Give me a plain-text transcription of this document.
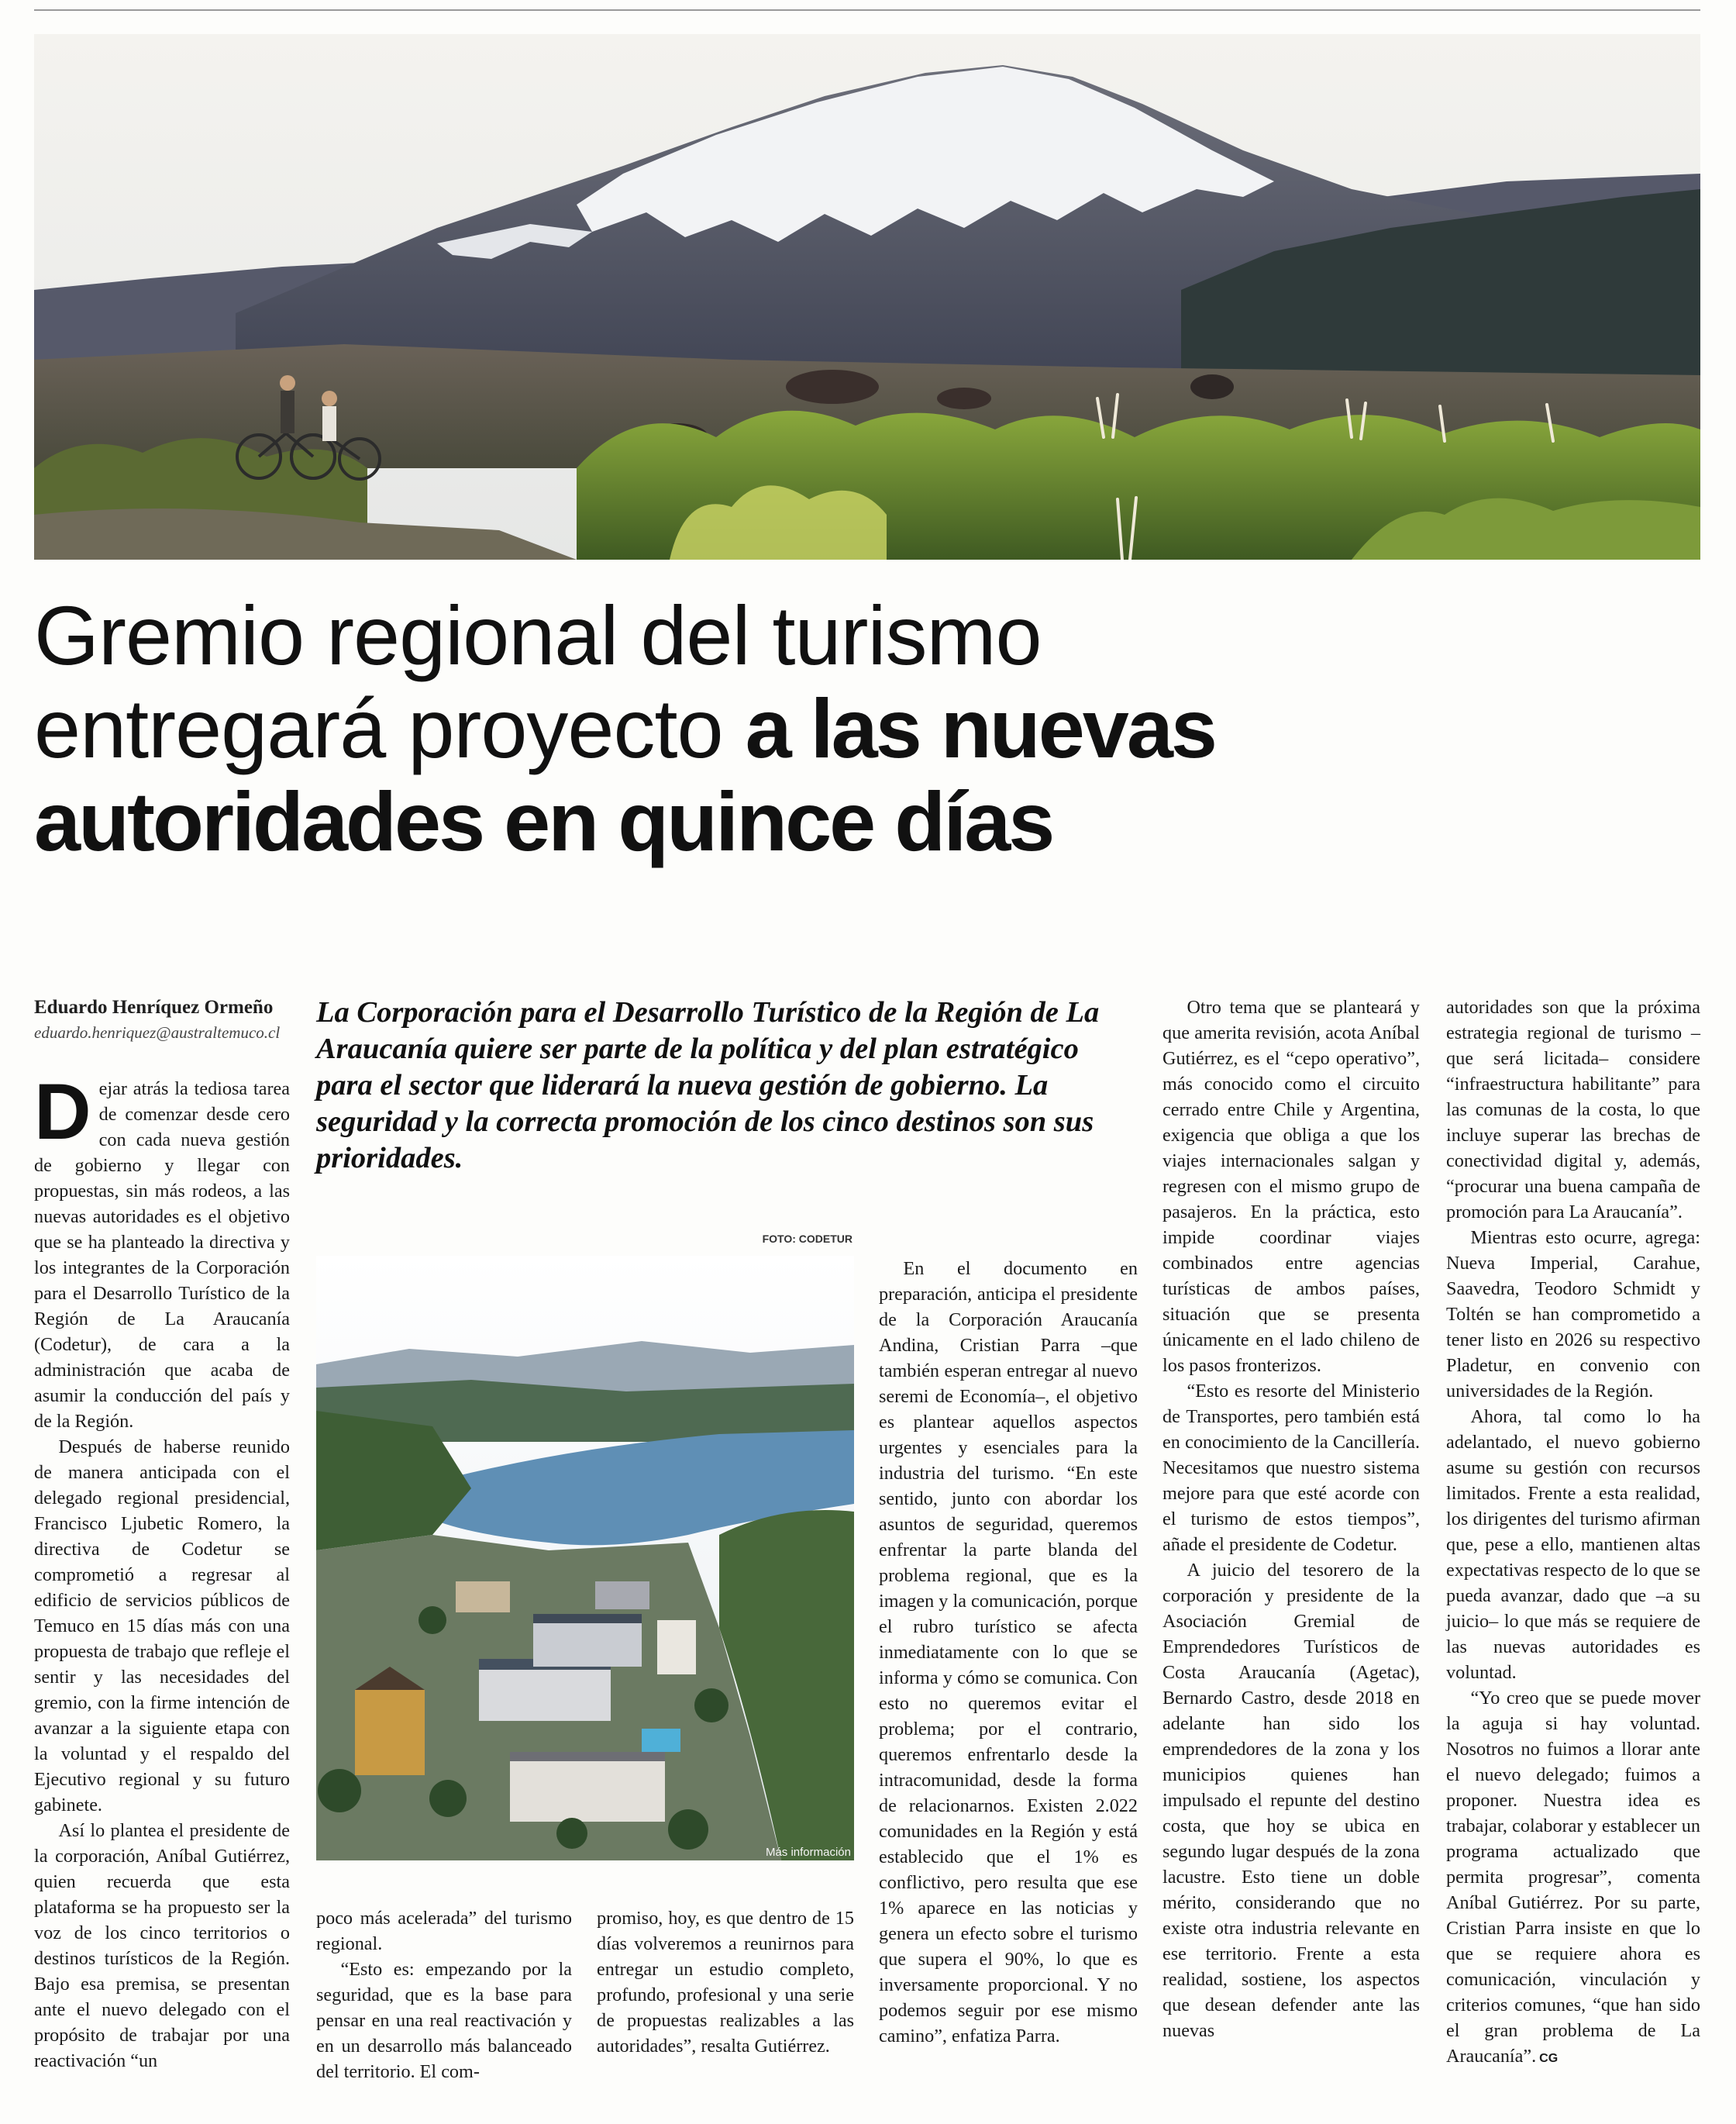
Gremio regional del turismo
entregará proyecto a las nuevas
autoridades en quince días
Eduardo Henríquez Ormeño
eduardo.henriquez@australtemuco.cl
La Corporación para el Desarrollo Turístico de la Región de La Araucanía quiere ser parte de la política y del plan estratégico para el sector que liderará la nueva gestión de gobierno. La seguridad y la correcta promoción de los cinco destinos son sus prioridades.
FOTO: CODETUR
Más información

Dejar atrás la tediosa tarea de comenzar desde cero con cada nueva gestión de gobierno y llegar con propuestas, sin más rodeos, a las nuevas autoridades es el objetivo que se ha planteado la directiva y los integrantes de la Corporación para el Desarrollo Turístico de la Región de La Araucanía (Codetur), de cara a la administración que acaba de asumir la conducción del país y de la Región.

Después de haberse reunido de manera anticipada con el delegado regional presidencial, Francisco Ljubetic Romero, la directiva de Codetur se comprometió a regresar al edificio de servicios públicos de Temuco en 15 días más con una propuesta de trabajo que refleje el sentir y las necesidades del gremio, con la firme intención de avanzar a la siguiente etapa con la voluntad y el respaldo del Ejecutivo regional y su futuro gabinete.

Así lo plantea el presidente de la corporación, Aníbal Gutiérrez, quien recuerda que esta plataforma se ha propuesto ser la voz de los cinco territorios o destinos turísticos de la Región. Bajo esa premisa, se presentan ante el nuevo delegado con el propósito de trabajar por una reactivación “un

poco más acelerada” del turismo regional.

“Esto es: empezando por la seguridad, que es la base para pensar en una real reactivación y en un desarrollo más balanceado del territorio. El com-

promiso, hoy, es que dentro de 15 días volveremos a reunirnos para entregar un estudio completo, profundo, profesional y una serie de propuestas realizables a las autoridades”, resalta Gutiérrez.

En el documento en preparación, anticipa el presidente de la Corporación Araucanía Andina, Cristian Parra –que también esperan entregar al nuevo seremi de Economía–, el objetivo es plantear aquellos aspectos urgentes y esenciales para la industria del turismo. “En este sentido, junto con abordar los asuntos de seguridad, queremos enfrentar la parte blanda del problema regional, que es la imagen y la comunicación, porque el rubro turístico se afecta inmediatamente con lo que se informa y cómo se comunica. Con esto no queremos evitar el problema; por el contrario, queremos enfrentarlo desde la intracomunidad, desde la forma de relacionarnos. Existen 2.022 comunidades en la Región y está establecido que el 1% es conflictivo, pero resulta que ese 1% aparece en las noticias y genera un efecto sobre el turismo que supera el 90%, lo que es inversamente proporcional. Y no podemos seguir por ese mismo camino”, enfatiza Parra.

Otro tema que se planteará y que amerita revisión, acota Aníbal Gutiérrez, es el “cepo operativo”, más conocido como el circuito cerrado entre Chile y Argentina, exigencia que obliga a que los viajes internacionales salgan y regresen con el mismo grupo de pasajeros. En la práctica, esto impide coordinar viajes combinados entre agencias turísticas de ambos países, situación que se presenta únicamente en el lado chileno de los pasos fronterizos.

“Esto es resorte del Ministerio de Transportes, pero también está en conocimiento de la Cancillería. Necesitamos que nuestro sistema mejore para que esté acorde con el turismo de estos tiempos”, añade el presidente de Codetur.

A juicio del tesorero de la corporación y presidente de la Asociación Gremial de Emprendedores Turísticos de Costa Araucanía (Agetac), Bernardo Castro, desde 2018 en adelante han sido los emprendedores de la zona y los municipios quienes han impulsado el repunte del destino costa, que hoy se ubica en segundo lugar después de la zona lacustre. Esto tiene un doble mérito, considerando que no existe otra industria relevante en ese territorio. Frente a esta realidad, sostiene, los aspectos que desean defender ante las nuevas

autoridades son que la próxima estrategia regional de turismo –que será licitada– considere “infraestructura habilitante” para las comunas de la costa, lo que incluye superar las brechas de conectividad digital y, además, “procurar una buena campaña de promoción para La Araucanía”.

Mientras esto ocurre, agrega: Nueva Imperial, Carahue, Saavedra, Teodoro Schmidt y Toltén se han comprometido a tener listo en 2026 su respectivo Pladetur, en convenio con universidades de la Región.

Ahora, tal como lo ha adelantado, el nuevo gobierno asume su gestión con recursos limitados. Frente a esta realidad, los dirigentes del turismo afirman que, pese a ello, mantienen altas expectativas respecto de lo que se pueda avanzar, dado que –a su juicio– lo que más se requiere de las nuevas autoridades es voluntad.

“Yo creo que se puede mover la aguja si hay voluntad. Nosotros no fuimos a llorar ante el nuevo delegado; fuimos a proponer. Nuestra idea es trabajar, colaborar y establecer un programa actualizado que permita progresar”, comenta Aníbal Gutiérrez. Por su parte, Cristian Parra insiste en que lo que se requiere ahora es comunicación, vinculación y criterios comunes, “que han sido el gran problema de La Araucanía”. CG
